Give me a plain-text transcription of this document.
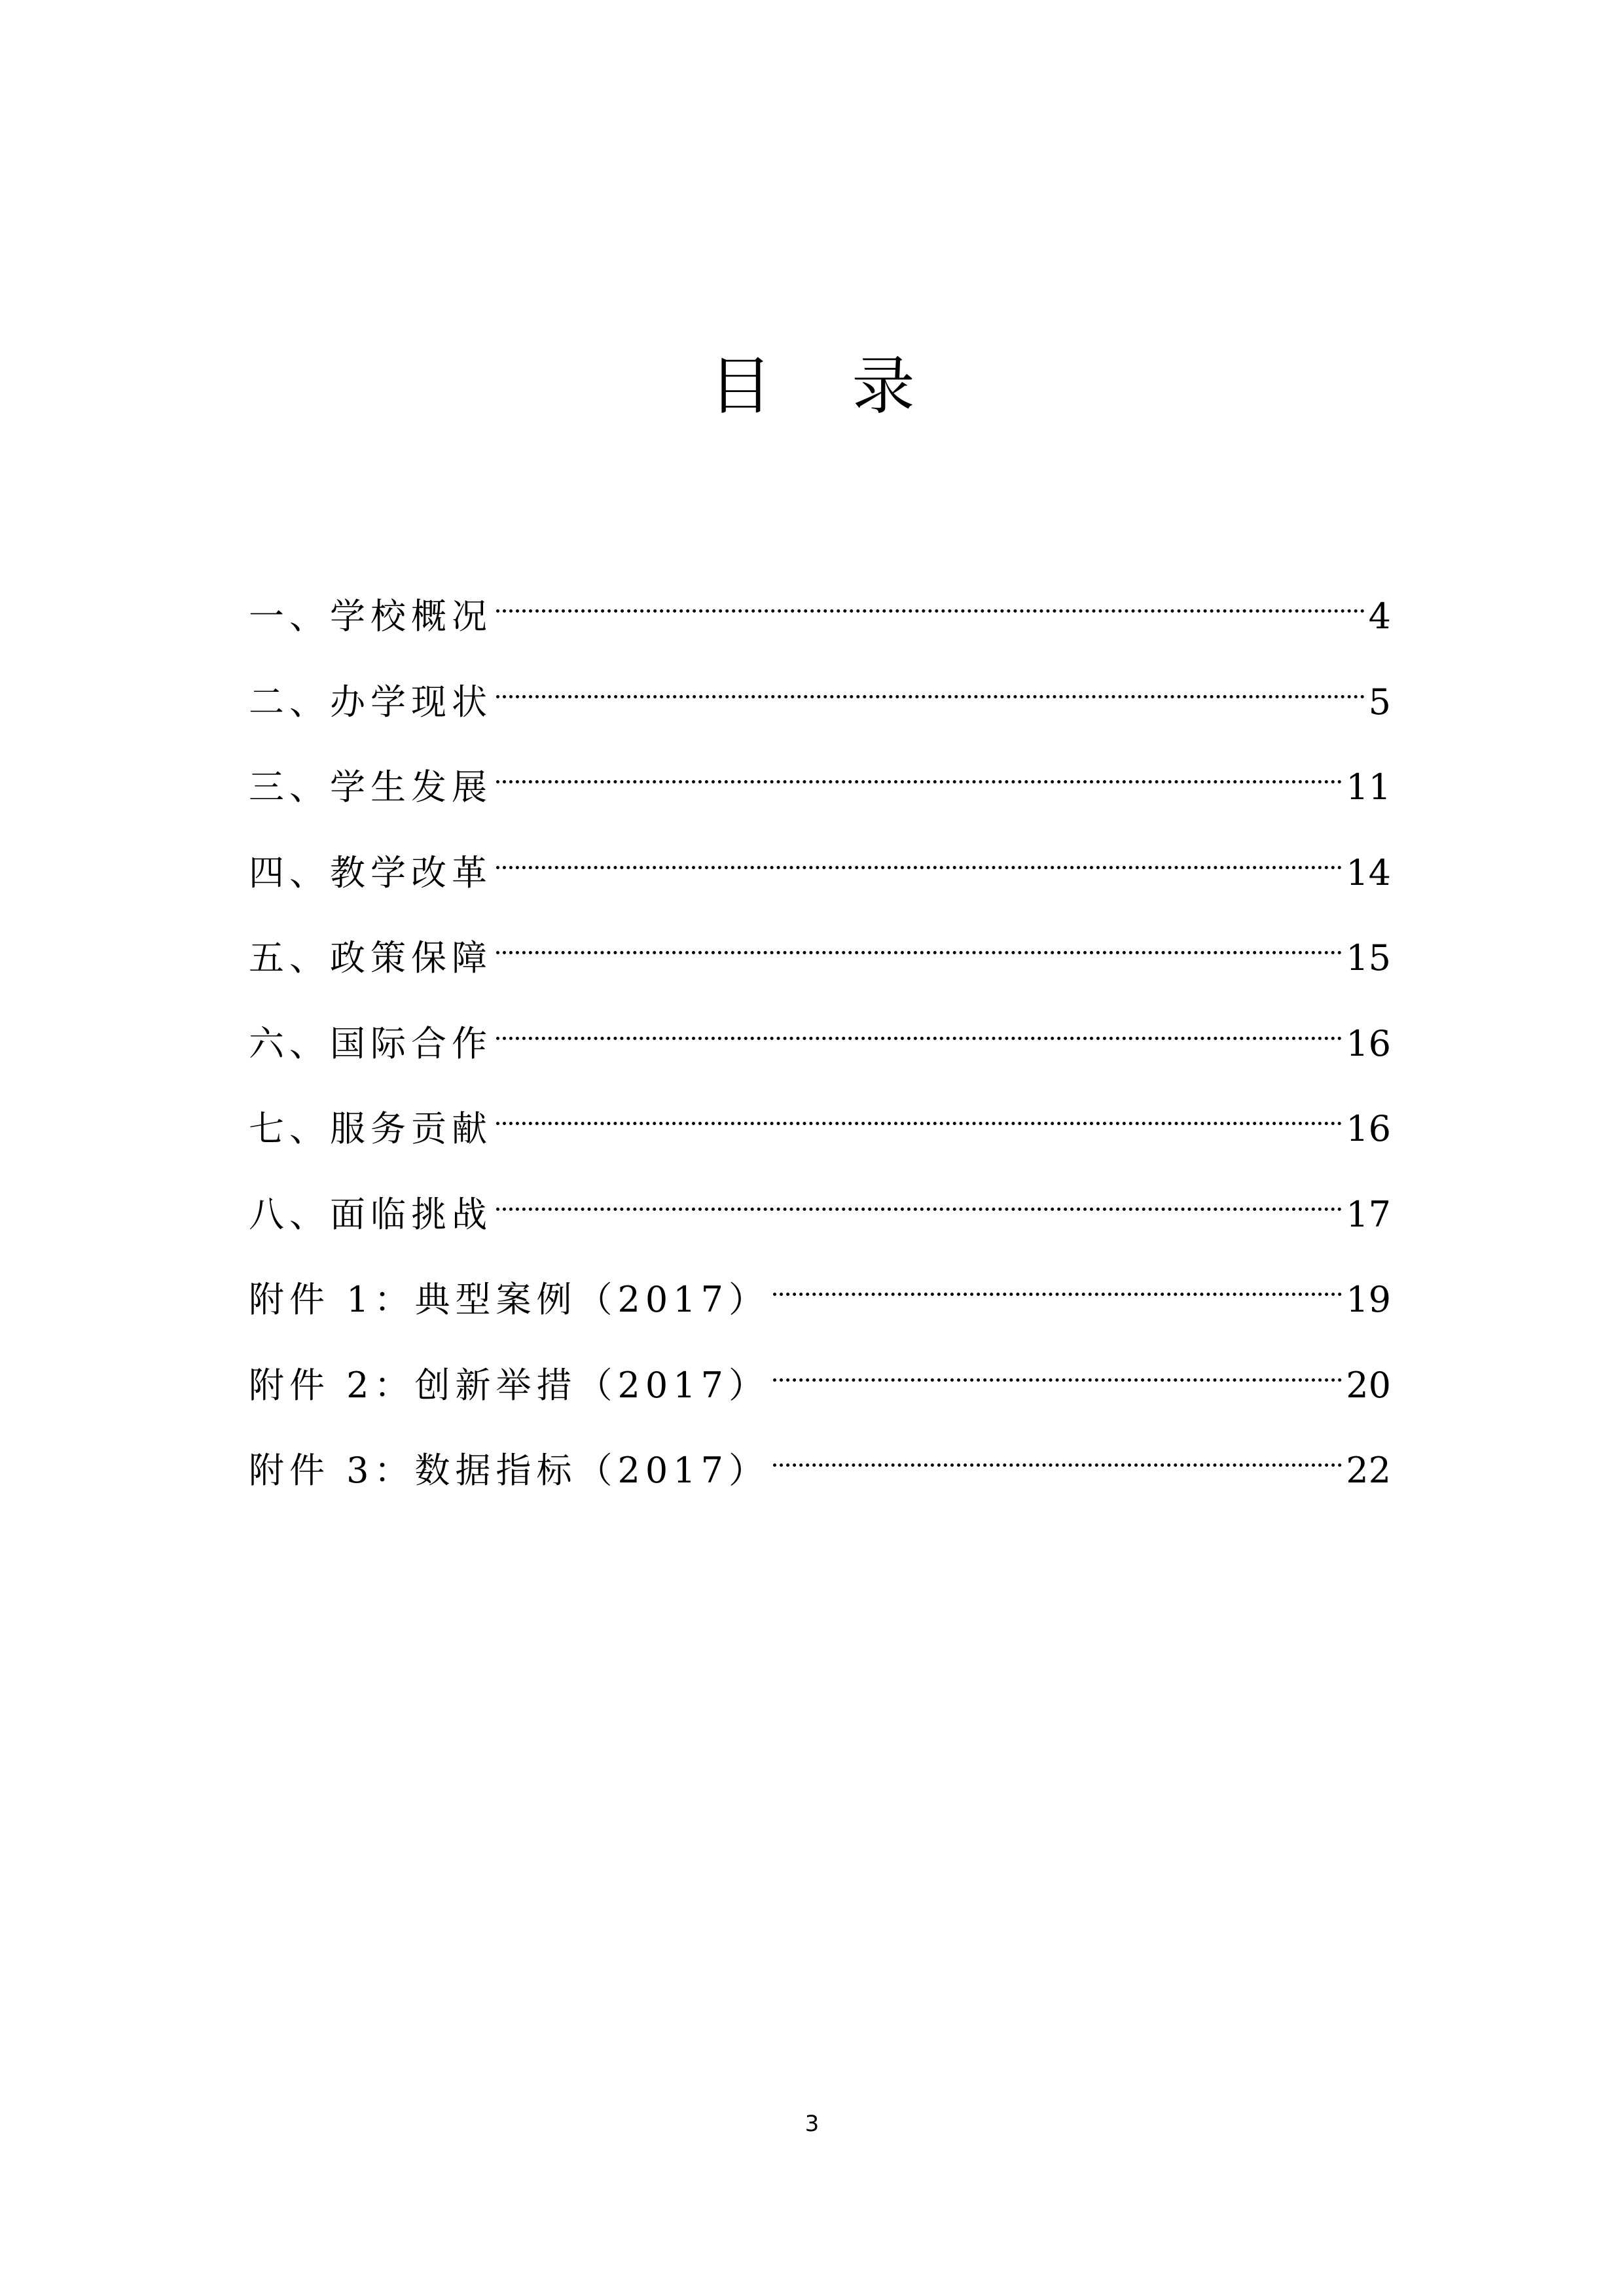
目    录
一、学校概况	4
二、办学现状	5
三、学生发展	11
四、教学改革	14
五、政策保障	15
六、国际合作	16
七、服务贡献	16
八、面临挑战	17
附件 1：典型案例（2017）	19
附件 2：创新举措（2017）	20
附件 3：数据指标（2017）	22
3
